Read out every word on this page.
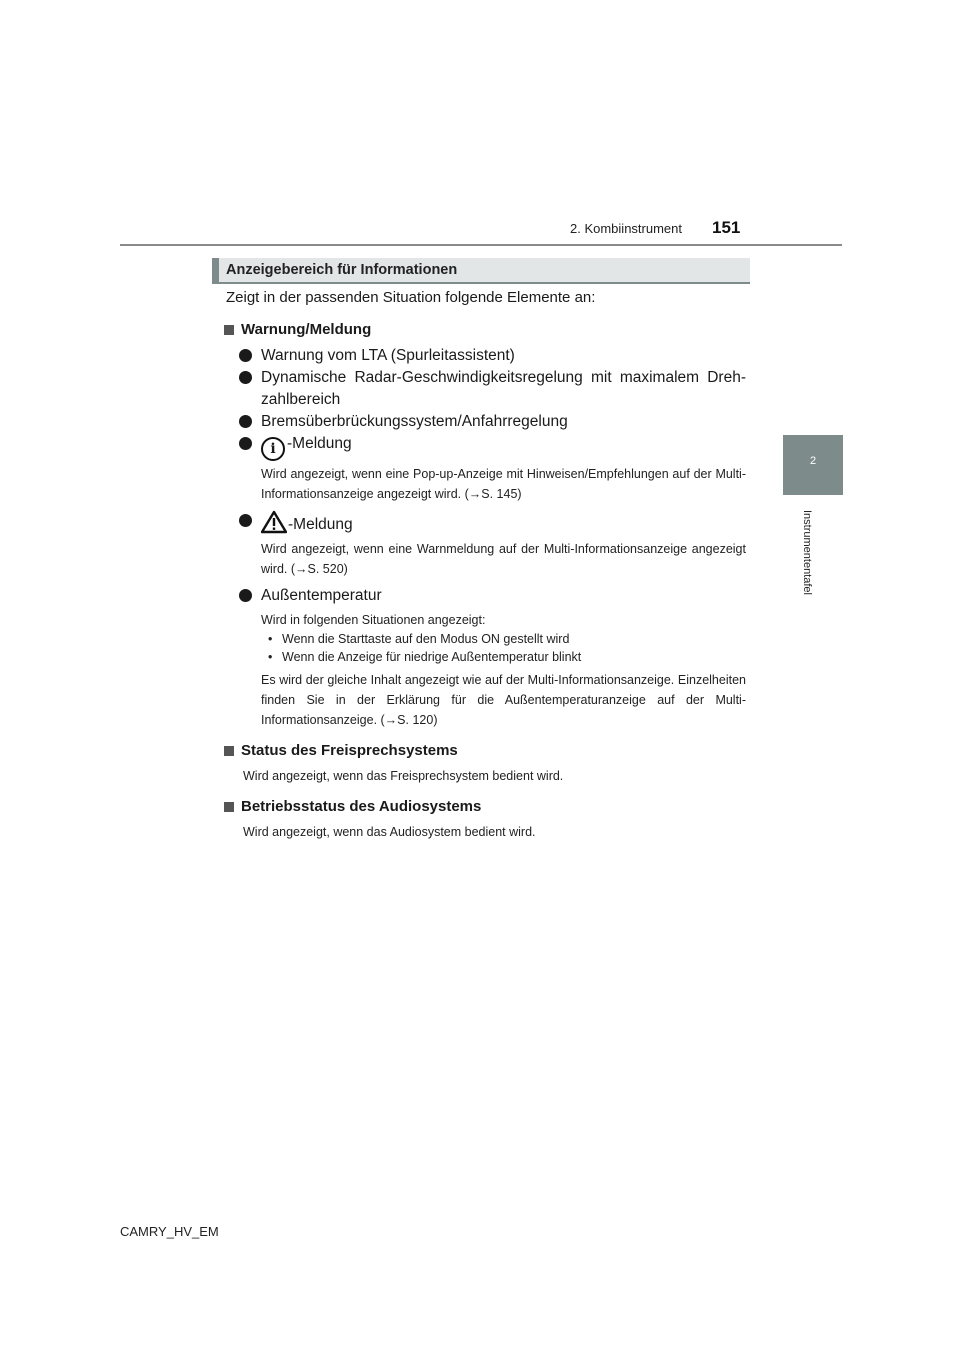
2. Kombiinstrument 151
2
Instrumententafel
Anzeigebereich für Informationen

Zeigt in der passenden Situation folgende Elemente an:

Warnung/Meldung
Warnung vom LTA (Spurleitassistent)
Dynamische Radar-Geschwindigkeitsregelung mit maximalem Dreh-zahlbereich
Bremsüberbrückungssystem/Anfahrregelung
i -Meldung

Wird angezeigt, wenn eine Pop-up-Anzeige mit Hinweisen/Empfehlungen auf der Multi-Informationsanzeige angezeigt wird. (→S. 145)

-Meldung

Wird angezeigt, wenn eine Warnmeldung auf der Multi-Informationsanzeige angezeigt wird. (→S. 520)

Außentemperatur

Wird in folgenden Situationen angezeigt:

• Wenn die Starttaste auf den Modus ON gestellt wird
• Wenn die Anzeige für niedrige Außentemperatur blinkt

Es wird der gleiche Inhalt angezeigt wie auf der Multi-Informationsanzeige. Einzelheiten finden Sie in der Erklärung für die Außentemperaturanzeige auf der Multi-Informationsanzeige. (→S. 120)

Status des Freisprechsystems

Wird angezeigt, wenn das Freisprechsystem bedient wird.

Betriebsstatus des Audiosystems

Wird angezeigt, wenn das Audiosystem bedient wird.

CAMRY_HV_EM
